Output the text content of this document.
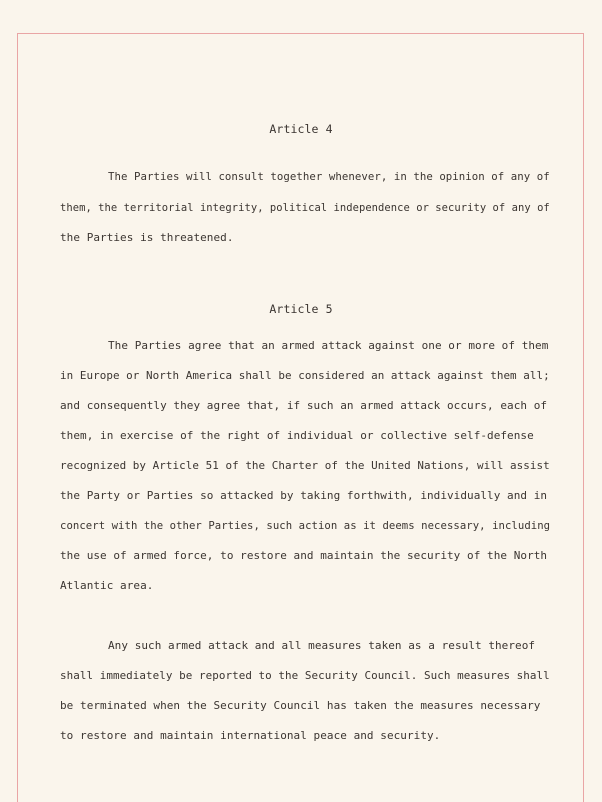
Article 4
The Parties will consult together whenever, in the opinion of any of
them, the territorial integrity, political independence or security of any of
the Parties is threatened.
Article 5
The Parties agree that an armed attack against one or more of them
in Europe or North America shall be considered an attack against them all;
and consequently they agree that, if such an armed attack occurs, each of
them, in exercise of the right of individual or collective self-defense
recognized by Article 51 of the Charter of the United Nations, will assist
the Party or Parties so attacked by taking forthwith, individually and in
concert with the other Parties, such action as it deems necessary, including
the use of armed force, to restore and maintain the security of the North
Atlantic area.
Any such armed attack and all measures taken as a result thereof
shall immediately be reported to the Security Council. Such measures shall
be terminated when the Security Council has taken the measures necessary
to restore and maintain international peace and security.
